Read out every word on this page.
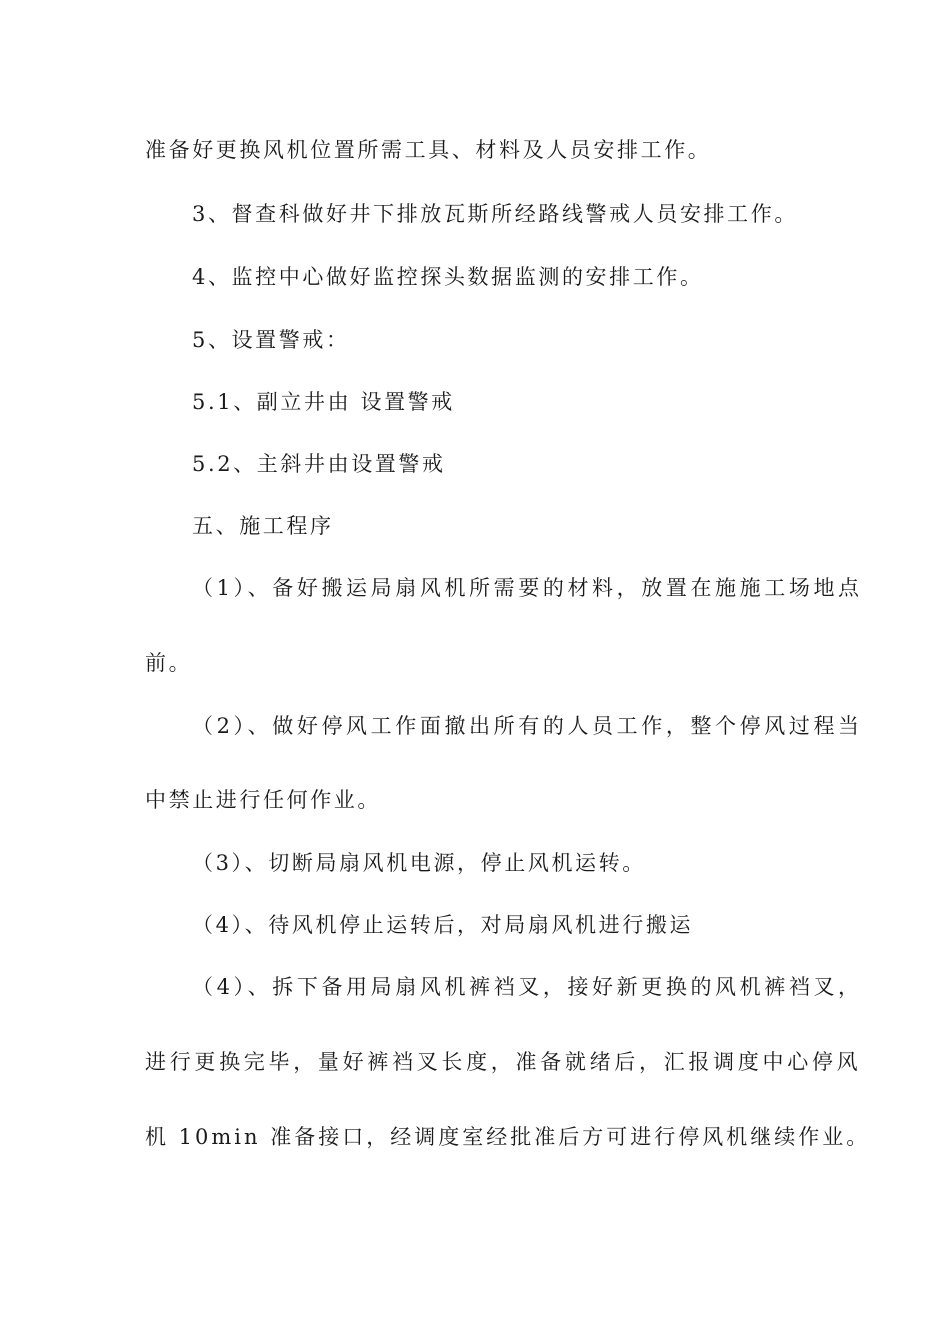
准备好更换风机位置所需工具、材料及人员安排工作。
3、督查科做好井下排放瓦斯所经路线警戒人员安排工作。
4、监控中心做好监控探头数据监测的安排工作。
5、设置警戒：
5.1、副立井由 设置警戒
5.2、主斜井由设置警戒
五、施工程序
（1）、备好搬运局扇风机所需要的材料，放置在施施工场地点
前。
（2）、做好停风工作面撤出所有的人员工作，整个停风过程当
中禁止进行任何作业。
（3）、切断局扇风机电源，停止风机运转。
（4）、待风机停止运转后，对局扇风机进行搬运
（4）、拆下备用局扇风机裤裆叉，接好新更换的风机裤裆叉，
进行更换完毕，量好裤裆叉长度，准备就绪后，汇报调度中心停风
机 10min 准备接口，经调度室经批准后方可进行停风机继续作业。
